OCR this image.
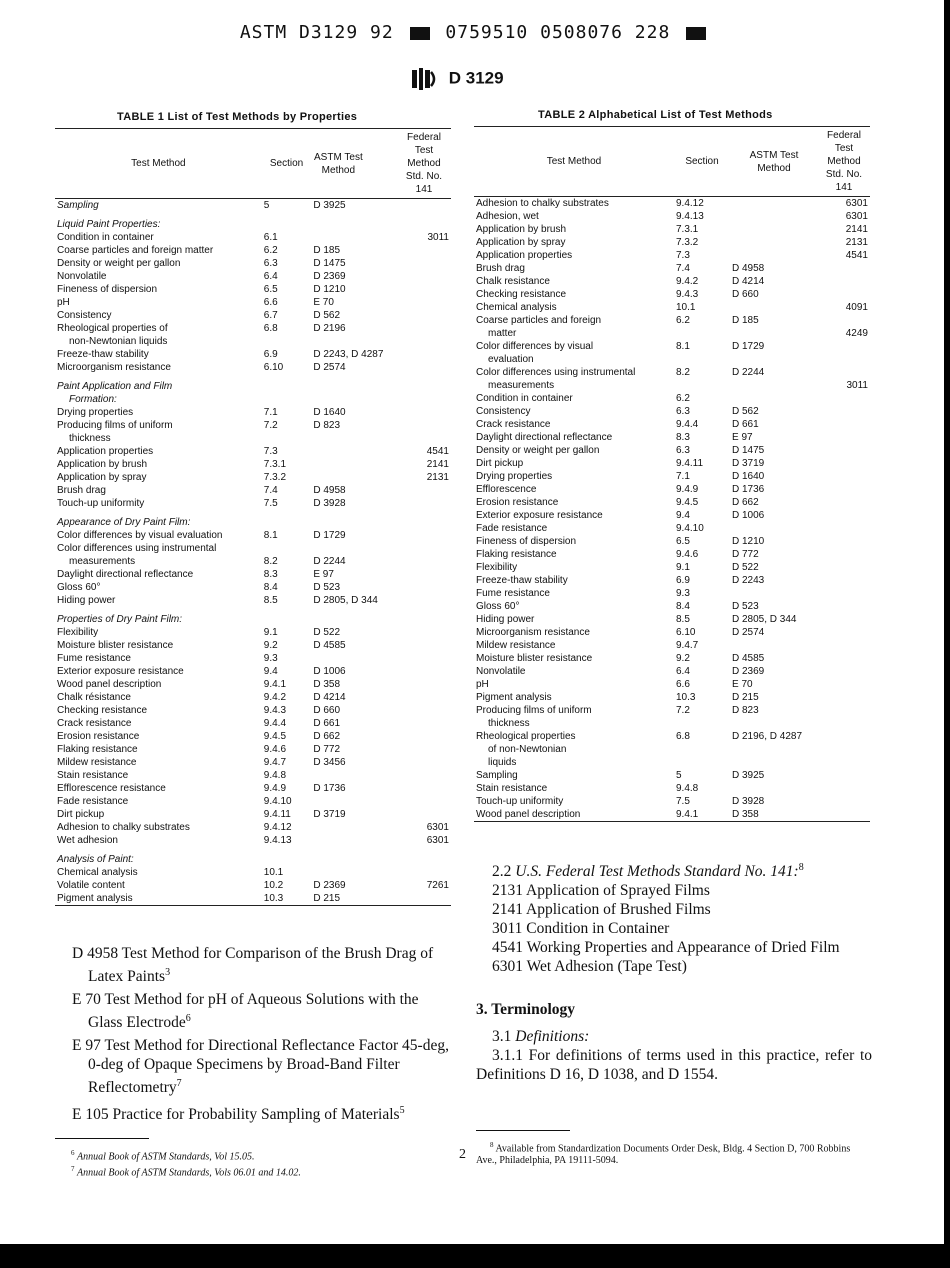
ASTM D3129 92	0759510 0508076 228
D 3129
TABLE 1 List of Test Methods by Properties
Test Method	Section	ASTM Test Method	Federal Test Method Std. No. 141
Sampling	5	D 3925	
Liquid Paint Properties:			
Condition in container	6.1		3011
Coarse particles and foreign matter	6.2	D 185	
Density or weight per gallon	6.3	D 1475	
Nonvolatile	6.4	D 2369	
Fineness of dispersion	6.5	D 1210	
pH	6.6	E 70	
Consistency	6.7	D 562	
Rheological properties of	6.8	D 2196	
non-Newtonian liquids			
Freeze-thaw stability	6.9	D 2243, D 4287	
Microorganism resistance	6.10	D 2574	
Paint Application and Film			
Formation:			
Drying properties	7.1	D 1640	
Producing films of uniform	7.2	D 823	
thickness			
Application properties	7.3		4541
Application by brush	7.3.1		2141
Application by spray	7.3.2		2131
Brush drag	7.4	D 4958	
Touch-up uniformity	7.5	D 3928	
Appearance of Dry Paint Film:			
Color differences by visual evaluation	8.1	D 1729	
Color differences using instrumental			
measurements	8.2	D 2244	
Daylight directional reflectance	8.3	E 97	
Gloss 60°	8.4	D 523	
Hiding power	8.5	D 2805, D 344	
Properties of Dry Paint Film:			
Flexibility	9.1	D 522	
Moisture blister resistance	9.2	D 4585	
Fume resistance	9.3		
Exterior exposure resistance	9.4	D 1006	
Wood panel description	9.4.1	D 358	
Chalk résistance	9.4.2	D 4214	
Checking resistance	9.4.3	D 660	
Crack resistance	9.4.4	D 661	
Erosion resistance	9.4.5	D 662	
Flaking resistance	9.4.6	D 772	
Mildew resistance	9.4.7	D 3456	
Stain resistance	9.4.8		
Efflorescence resistance	9.4.9	D 1736	
Fade resistance	9.4.10		
Dirt pickup	9.4.11	D 3719	
Adhesion to chalky substrates	9.4.12		6301
Wet adhesion	9.4.13		6301
Analysis of Paint:			
Chemical analysis	10.1		
Volatile content	10.2	D 2369	7261
Pigment analysis	10.3	D 215	
TABLE 2 Alphabetical List of Test Methods
Test Method	Section	ASTM Test Method	Federal Test Method Std. No. 141
Adhesion to chalky substrates	9.4.12		6301
Adhesion, wet	9.4.13		6301
Application by brush	7.3.1		2141
Application by spray	7.3.2		2131
Application properties	7.3		4541
Brush drag	7.4	D 4958	
Chalk resistance	9.4.2	D 4214	
Checking resistance	9.4.3	D 660	
Chemical analysis	10.1		4091
Coarse particles and foreign	6.2	D 185	
matter			4249
Color differences by visual	8.1	D 1729	
evaluation			
Color differences using instrumental	8.2	D 2244	
measurements			3011
Condition in container	6.2		
Consistency	6.3	D 562	
Crack resistance	9.4.4	D 661	
Daylight directional reflectance	8.3	E 97	
Density or weight per gallon	6.3	D 1475	
Dirt pickup	9.4.11	D 3719	
Drying properties	7.1	D 1640	
Efflorescence	9.4.9	D 1736	
Erosion resistance	9.4.5	D 662	
Exterior exposure resistance	9.4	D 1006	
Fade resistance	9.4.10		
Fineness of dispersion	6.5	D 1210	
Flaking resistance	9.4.6	D 772	
Flexibility	9.1	D 522	
Freeze-thaw stability	6.9	D 2243	
Fume resistance	9.3		
Gloss 60°	8.4	D 523	
Hiding power	8.5	D 2805, D 344	
Microorganism resistance	6.10	D 2574	
Mildew resistance	9.4.7		
Moisture blister resistance	9.2	D 4585	
Nonvolatile	6.4	D 2369	
pH	6.6	E 70	
Pigment analysis	10.3	D 215	
Producing films of uniform	7.2	D 823	
thickness			
Rheological properties	6.8	D 2196, D 4287	
of non-Newtonian			
liquids			
Sampling	5	D 3925	
Stain resistance	9.4.8		
Touch-up uniformity	7.5	D 3928	
Wood panel description	9.4.1	D 358	
D 4958 Test Method for Comparison of the Brush Drag of Latex Paints$^3$
E 70 Test Method for pH of Aqueous Solutions with the Glass Electrode$^6$
E 97 Test Method for Directional Reflectance Factor 45-deg, 0-deg of Opaque Specimens by Broad-Band Filter Reflectometry$^7$
E 105 Practice for Probability Sampling of Materials$^5$
2.2 U.S. Federal Test Methods Standard No. 141:$^8$
2131 Application of Sprayed Films
2141 Application of Brushed Films
3011 Condition in Container
4541 Working Properties and Appearance of Dried Film
6301 Wet Adhesion (Tape Test)
3. Terminology
3.1 Definitions:
3.1.1 For definitions of terms used in this practice, refer to Definitions D 16, D 1038, and D 1554.
$^6$ Annual Book of ASTM Standards, Vol 15.05.
$^7$ Annual Book of ASTM Standards, Vols 06.01 and 14.02.
$^8$ Available from Standardization Documents Order Desk, Bldg. 4 Section D, 700 Robbins Ave., Philadelphia, PA 19111-5094.
2
